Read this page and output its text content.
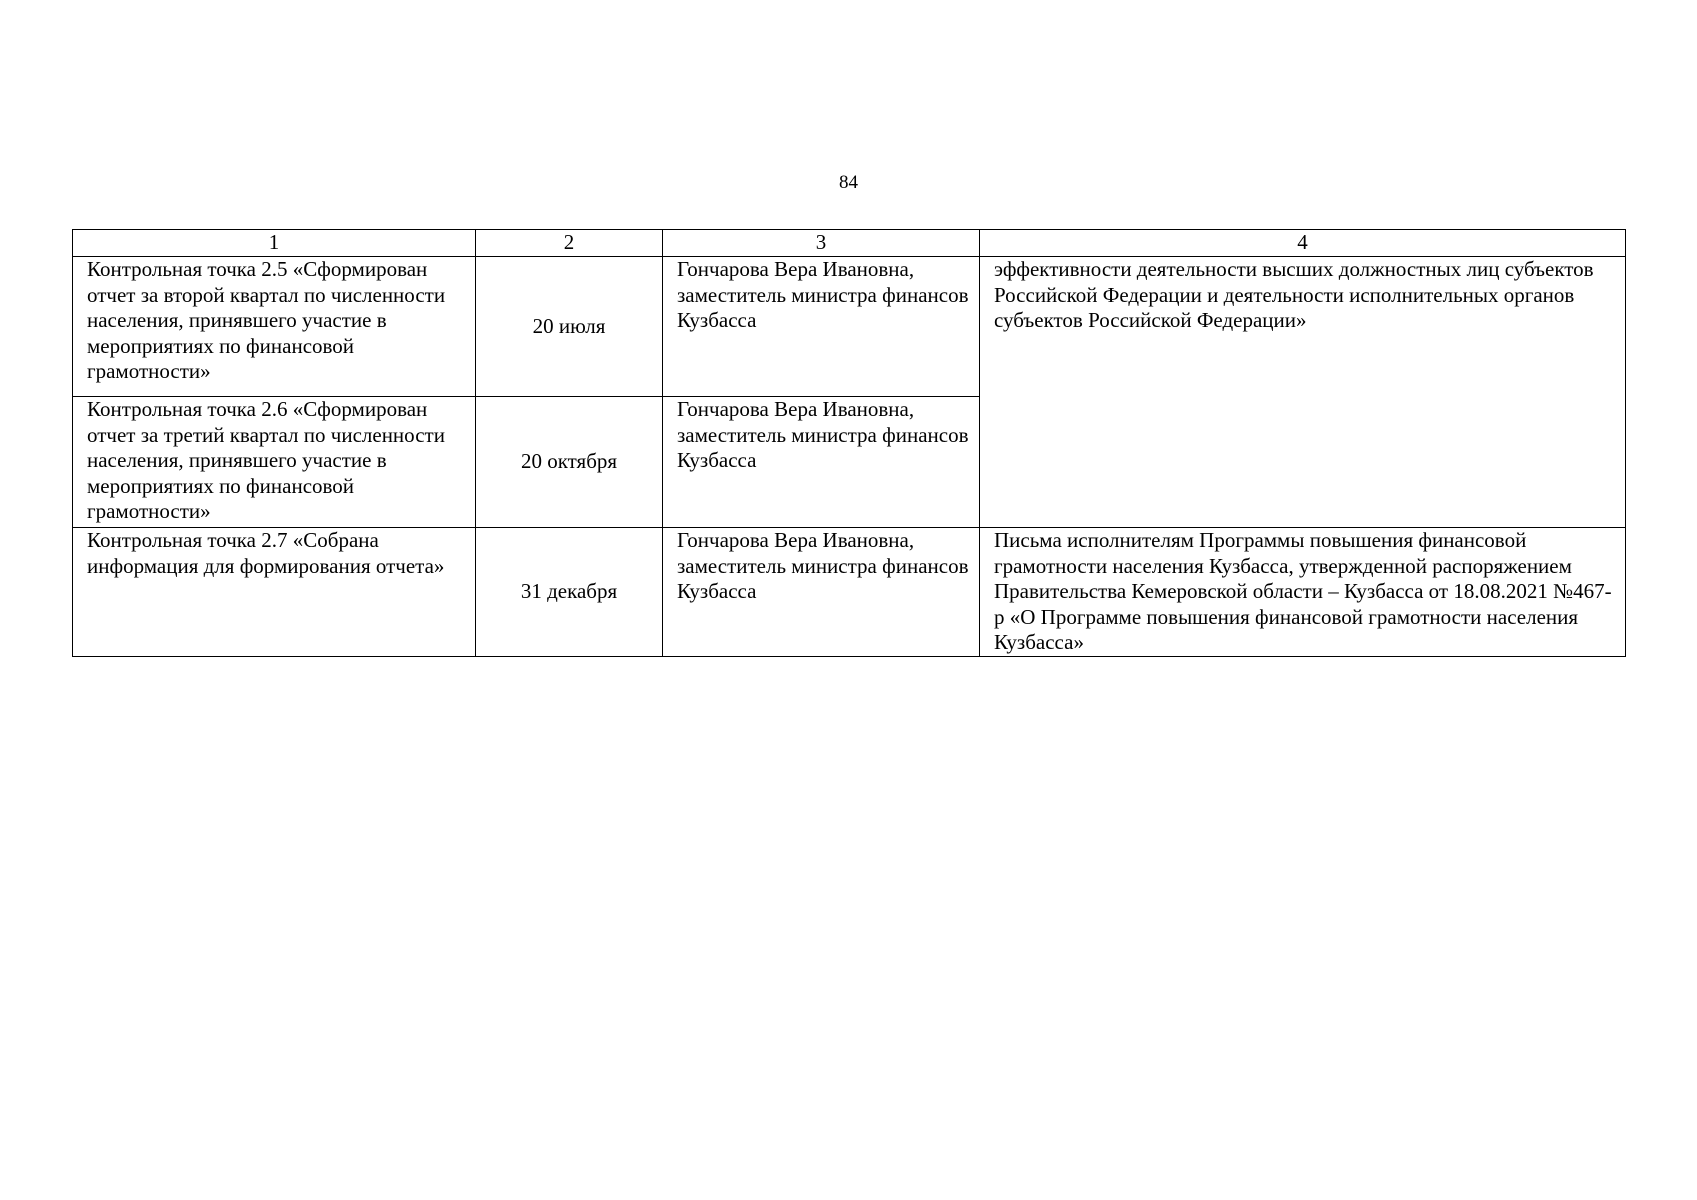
84
1	2	3	4

Контрольная точка 2.5 «Сформирован отчет за второй квартал по численности населения, принявшего участие в мероприятиях по финансовой грамотности»	20 июля	Гончарова Вера Ивановна, заместитель министра финансов Кузбасса	эффективности деятельности высших должностных лиц субъектов Российской Федерации и деятельности исполнительных органов субъектов Российской Федерации»

Контрольная точка 2.6 «Сформирован отчет за третий квартал по численности населения, принявшего участие в мероприятиях по финансовой грамотности»	20 октября	Гончарова Вера Ивановна, заместитель министра финансов Кузбасса	

Контрольная точка 2.7 «Собрана информация для формирования отчета»	31 декабря	Гончарова Вера Ивановна, заместитель министра финансов Кузбасса	Письма исполнителям Программы повышения финансовой грамотности населения Кузбасса, утвержденной распоряжением Правительства Кемеровской области – Кузбасса от 18.08.2021 №467-р «О Программе повышения финансовой грамотности населения Кузбасса»
